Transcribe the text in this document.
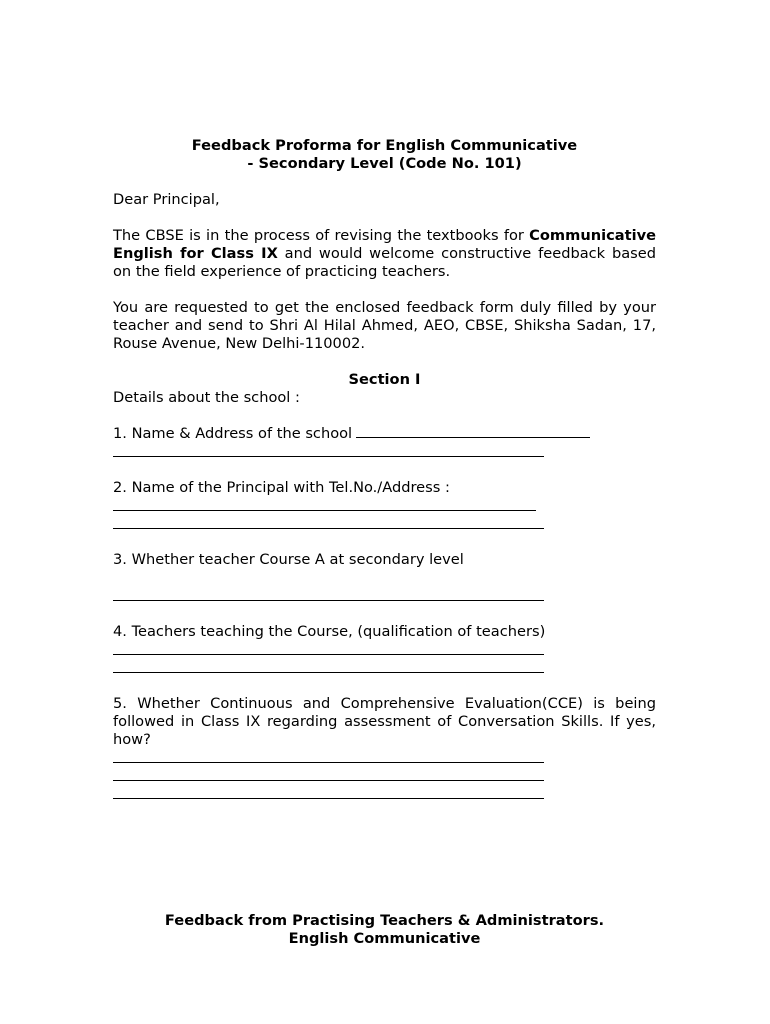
Feedback Proforma for English Communicative

- Secondary Level (Code No. 101)

Dear Principal,

The CBSE is in the process of revising the textbooks for Communicative English for Class IX and would welcome constructive feedback based on the field experience of practicing teachers.

You are requested to get the enclosed feedback form duly filled by your teacher and send to Shri Al Hilal Ahmed, AEO, CBSE, Shiksha Sadan, 17, Rouse Avenue, New Delhi-110002.

Section I

Details about the school :

1. Name & Address of the school

2. Name of the Principal with Tel.No./Address :

3. Whether teacher Course A at secondary level

4. Teachers teaching the Course, (qualification of teachers)

5. Whether Continuous and Comprehensive Evaluation(CCE) is being followed in Class IX regarding assessment of Conversation Skills. If yes, how?

Feedback from Practising Teachers & Administrators.

English Communicative
